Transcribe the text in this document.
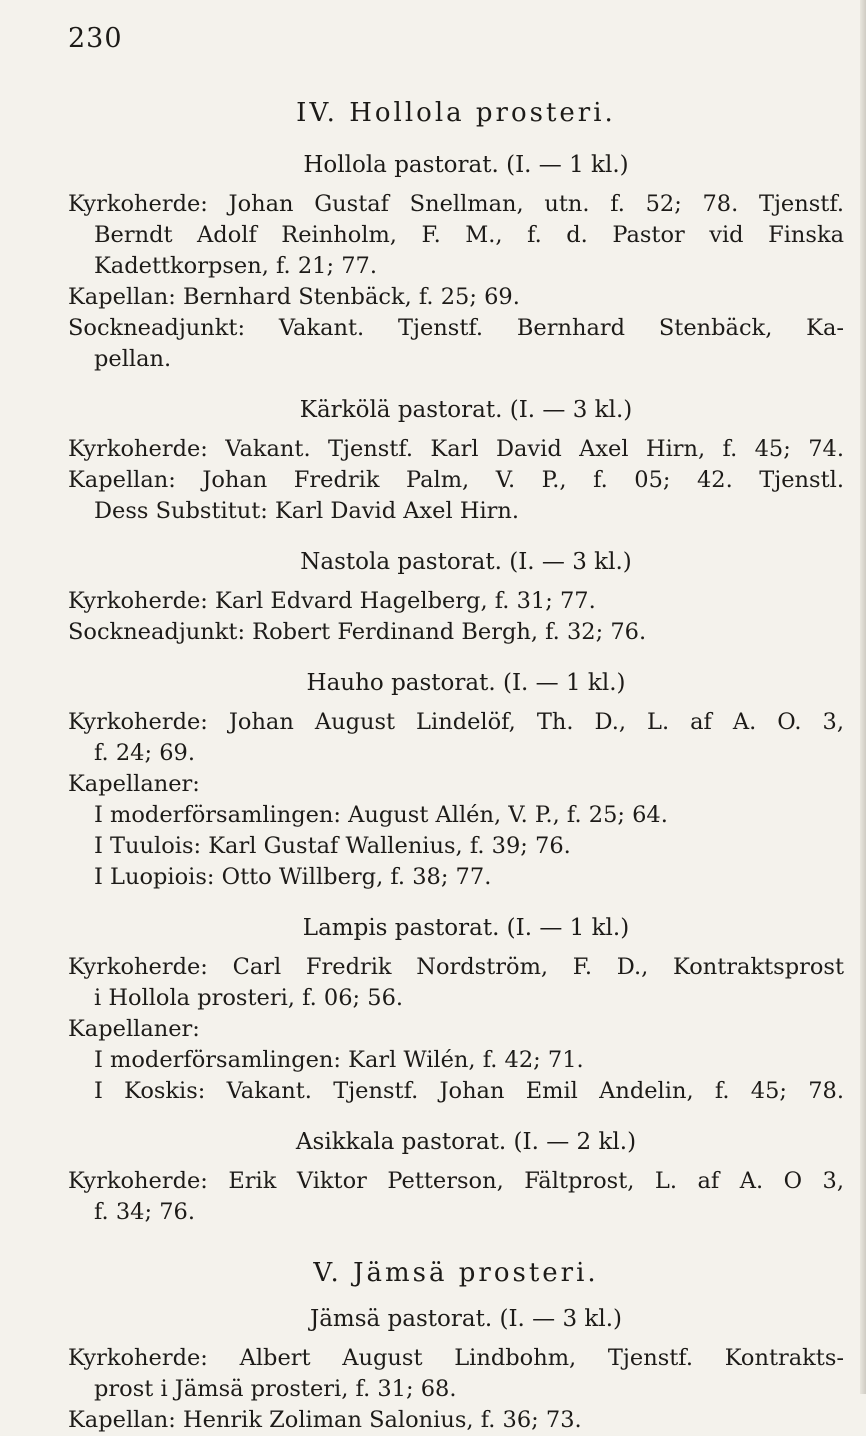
230
IV. Hollola prosteri.
Hollola pastorat. (I. — 1 kl.)
Kyrkoherde: Johan Gustaf Snellman, utn. f. 52; 78. Tjenstf.
Berndt Adolf Reinholm, F. M., f. d. Pastor vid Finska
Kadettkorpsen, f. 21; 77.
Kapellan: Bernhard Stenbäck, f. 25; 69.
Sockneadjunkt: Vakant. Tjenstf. Bernhard Stenbäck, Ka-
pellan.
Kärkölä pastorat. (I. — 3 kl.)
Kyrkoherde: Vakant. Tjenstf. Karl David Axel Hirn, f. 45; 74.
Kapellan: Johan Fredrik Palm, V. P., f. 05; 42. Tjenstl.
Dess Substitut: Karl David Axel Hirn.
Nastola pastorat. (I. — 3 kl.)
Kyrkoherde: Karl Edvard Hagelberg, f. 31; 77.
Sockneadjunkt: Robert Ferdinand Bergh, f. 32; 76.
Hauho pastorat. (I. — 1 kl.)
Kyrkoherde: Johan August Lindelöf, Th. D., L. af A. O. 3,
f. 24; 69.
Kapellaner:
I moderförsamlingen: August Allén, V. P., f. 25; 64.
I Tuulois: Karl Gustaf Wallenius, f. 39; 76.
I Luopiois: Otto Willberg, f. 38; 77.
Lampis pastorat. (I. — 1 kl.)
Kyrkoherde: Carl Fredrik Nordström, F. D., Kontraktsprost
i Hollola prosteri, f. 06; 56.
Kapellaner:
I moderförsamlingen: Karl Wilén, f. 42; 71.
I Koskis: Vakant. Tjenstf. Johan Emil Andelin, f. 45; 78.
Asikkala pastorat. (I. — 2 kl.)
Kyrkoherde: Erik Viktor Petterson, Fältprost, L. af A. O 3,
f. 34; 76.
V. Jämsä prosteri.
Jämsä pastorat. (I. — 3 kl.)
Kyrkoherde: Albert August Lindbohm, Tjenstf. Kontrakts-
prost i Jämsä prosteri, f. 31; 68.
Kapellan: Henrik Zoliman Salonius, f. 36; 73.
